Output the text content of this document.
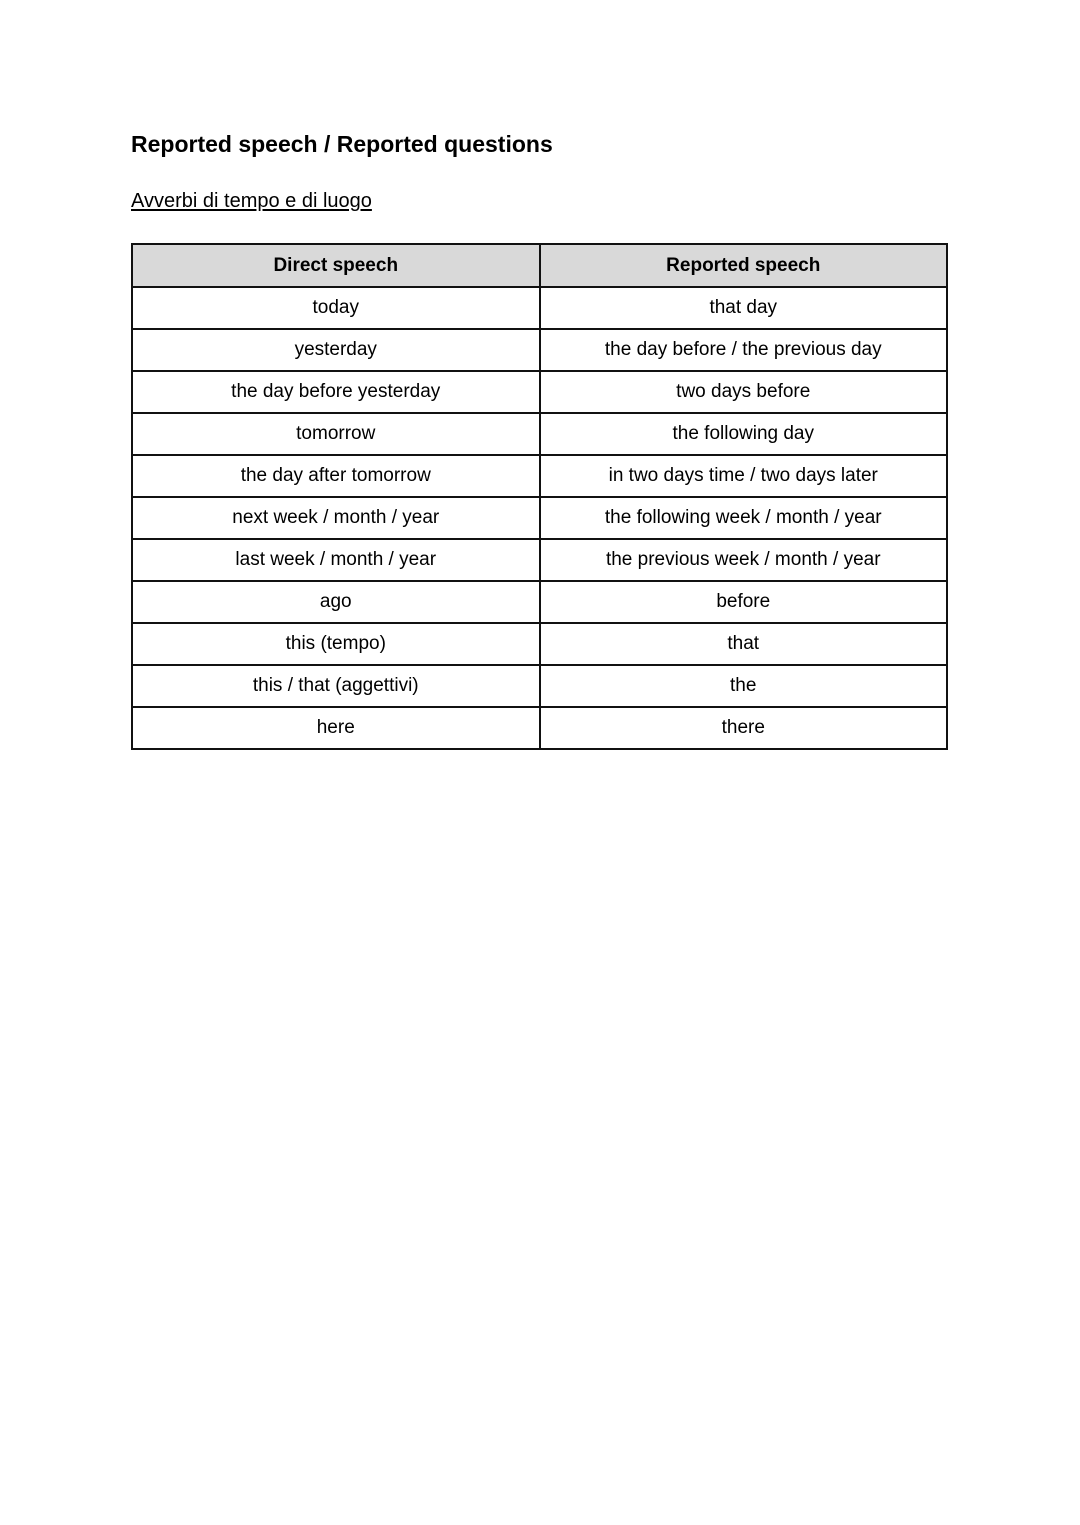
Reported speech / Reported questions

Avverbi di tempo e di luogo

Direct speech	Reported speech
today	that day
yesterday	the day before / the previous day
the day before yesterday	two days before
tomorrow	the following day
the day after tomorrow	in two days time / two days later
next week / month / year	the following week / month / year
last week / month / year	the previous week / month / year
ago	before
this (tempo)	that
this / that (aggettivi)	the
here	there
